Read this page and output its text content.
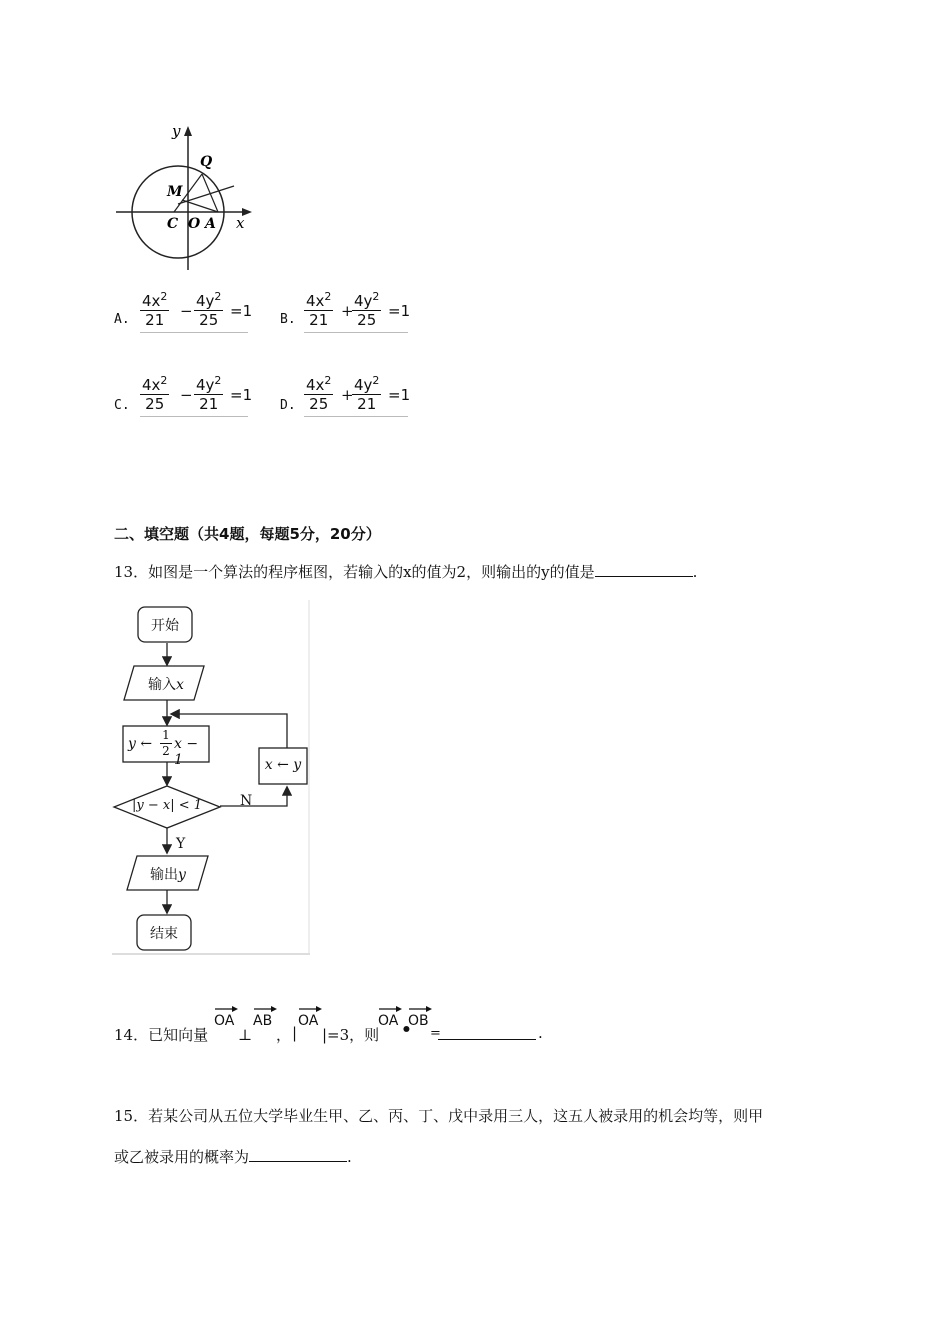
y
x
Q
M
C O A
A. $\frac{4x^2}{21} - \frac{4y^2}{25} =1$ B. $\frac{4x^2}{21}$ +
$\frac{4y^2}{25} =1$
C. $\frac{4x^2}{25} - \frac{4y^2}{21} =1$
D. $\frac{4x^2}{25}$ +
$\frac{4y^2}{21} =1$
二、填空题（共4题，每题5分，20分）
13．如图是一个算法的程序框图，若输入的x的值为2，则输出的y的值是	.
开始
输入x
y ←
1
2 x − 1	x ← y
|y − x| < 1	N
Y
输出y
结束
14．已知向量
OA
⊥
AB
， |
OA
|=3，则
OA •
OB
=	.
15．若某公司从五位大学毕业生甲、乙、丙、丁、戊中录用三人，这五人被录用的机会均等，则甲
或乙被录用的概率为	.
